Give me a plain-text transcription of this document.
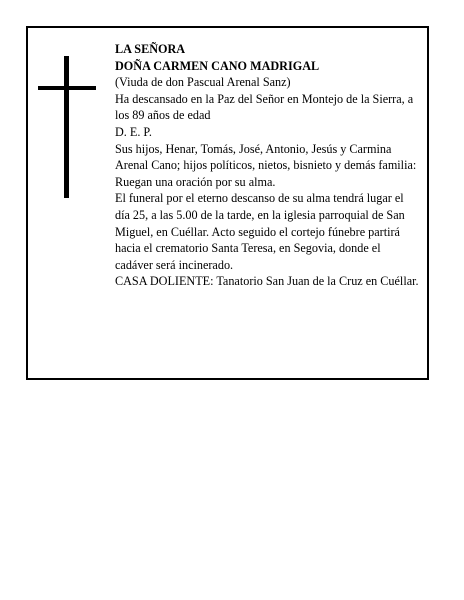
LA SEÑORA

DOÑA CARMEN CANO MADRIGAL

(Viuda de don Pascual Arenal Sanz)

Ha descansado en la Paz del Señor en Montejo de la Sierra, a los 89 años de edad

D. E. P.

Sus hijos, Henar, Tomás, José, Antonio, Jesús y Carmina Arenal Cano; hijos políticos, nietos, bisnieto y demás familia:

Ruegan una oración por su alma.

El funeral por el eterno descanso de su alma tendrá lugar el día 25, a las 5.00 de la tarde, en la iglesia parroquial de San Miguel, en Cuéllar. Acto seguido el cortejo fúnebre partirá hacia el crematorio Santa Teresa, en Segovia, donde el cadáver será incinerado.

CASA DOLIENTE: Tanatorio San Juan de la Cruz en Cuéllar.
